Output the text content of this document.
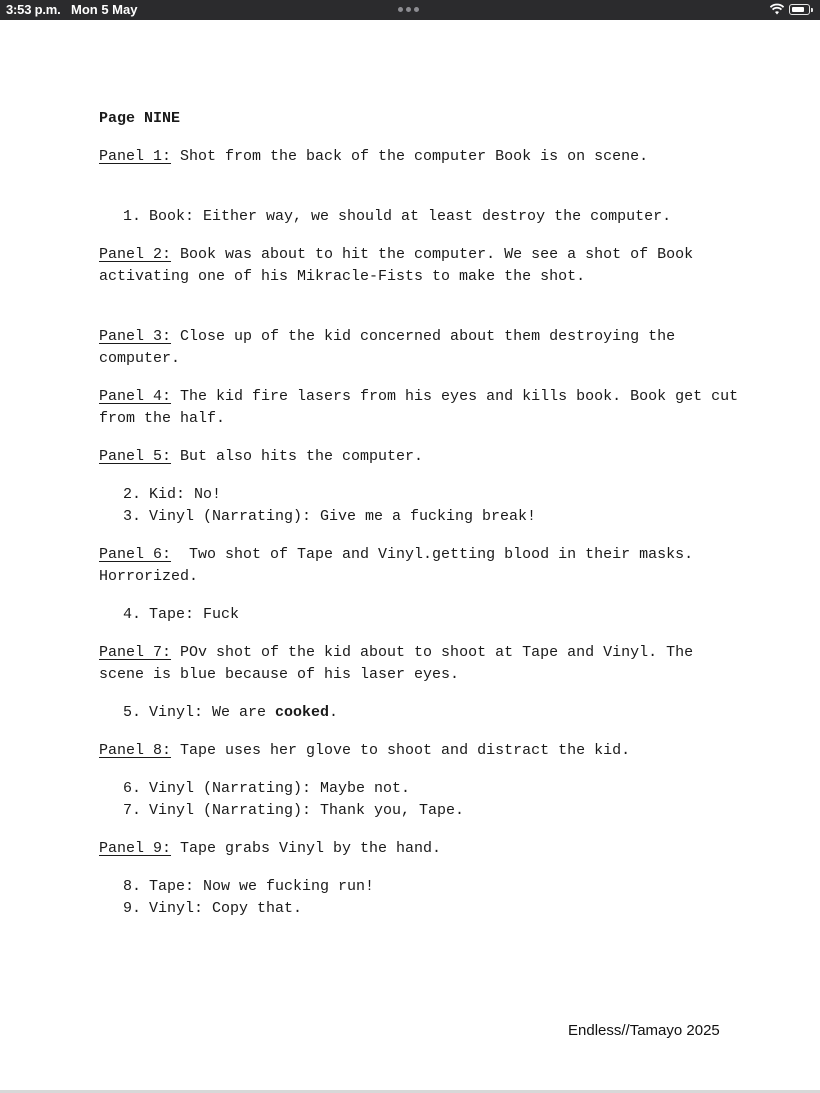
3:53 p.m. Mon 5 May
Page NINE
Panel 1: Shot from the back of the computer Book is on scene.
1. Book: Either way, we should at least destroy the computer.
Panel 2: Book was about to hit the computer. We see a shot of Book activating one of his Mikracle-Fists to make the shot.
Panel 3: Close up of the kid concerned about them destroying the computer.
Panel 4: The kid fire lasers from his eyes and kills book. Book get cut from the half.
Panel 5: But also hits the computer.
2. Kid: No!
3. Vinyl (Narrating): Give me a fucking break!
Panel 6:  Two shot of Tape and Vinyl.getting blood in their masks. Horrorized.
4. Tape: Fuck
Panel 7: POv shot of the kid about to shoot at Tape and Vinyl. The scene is blue because of his laser eyes.
5. Vinyl: We are cooked.
Panel 8: Tape uses her glove to shoot and distract the kid.
6. Vinyl (Narrating): Maybe not.
7. Vinyl (Narrating): Thank you, Tape.
Panel 9: Tape grabs Vinyl by the hand.
8. Tape: Now we fucking run!
9. Vinyl: Copy that.
Endless//Tamayo 2025
